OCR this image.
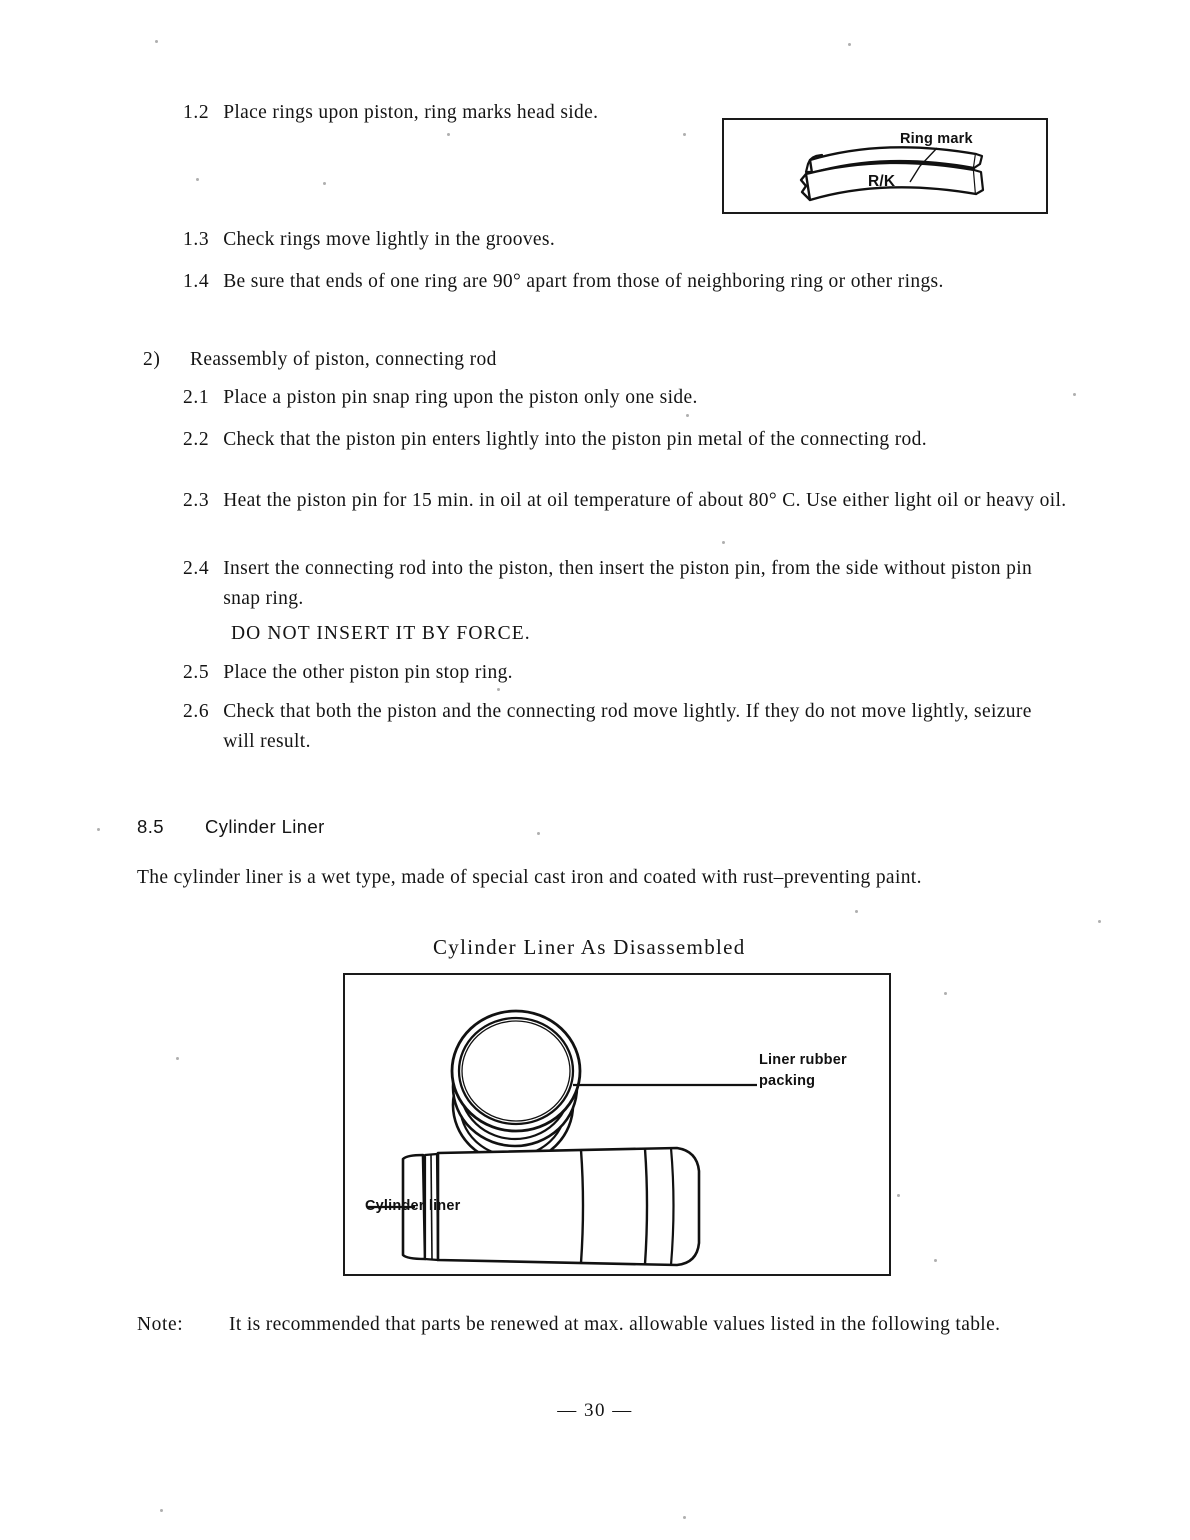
1.2 Place rings upon piston, ring marks head side.
Ring mark
R/K
1.3 Check rings move lightly in the grooves.
1.4 Be sure that ends of one ring are 90° apart from those of neighboring ring or other rings.
2)	Reassembly of piston, connecting rod
2.1 Place a piston pin snap ring upon the piston only one side.
2.2 Check that the piston pin enters lightly into the piston pin metal of the connecting rod.
2.3 Heat the piston pin for 15 min. in oil at oil temperature of about 80° C. Use either light oil or heavy oil.
2.4 Insert the connecting rod into the piston, then insert the piston pin, from the side without piston pin snap ring.
DO NOT INSERT IT BY FORCE.
2.5 Place the other piston pin stop ring.
2.6 Check that both the piston and the connecting rod move lightly. If they do not move lightly, seizure will result.
8.5	Cylinder Liner
The cylinder liner is a wet type, made of special cast iron and coated with rust–preventing paint.
Cylinder Liner As Disassembled
Liner rubber
packing
Cylinder liner
Note:	It is recommended that parts be renewed at max. allowable values listed in the following table.
— 30 —
